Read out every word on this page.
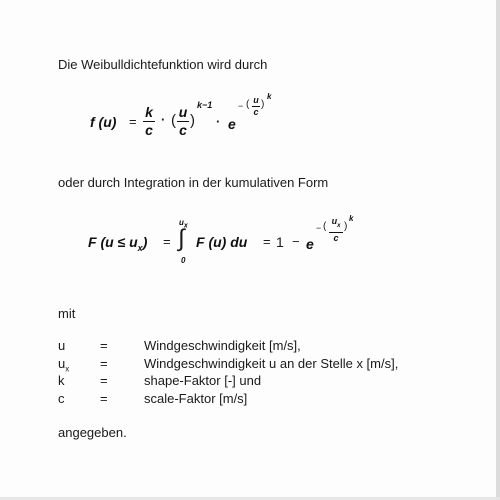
Die Weibulldichtefunktion wird durch
f (u) =
k
c
· ( u
c
)
k−1
· e
− ( u
c
)
k
oder durch Integration in der kumulativen Form
F $(u \le u_x)$ =
$u_x$
∫
0
F (u) du = 1 − e
− ( $u_x$
c
)
k
mit
u	=	Windgeschwindigkeit [m/s],
$u_x$	=	Windgeschwindigkeit u an der Stelle x [m/s],
k	=	shape-Faktor [-] und
c	=	scale-Faktor [m/s]
angegeben.
